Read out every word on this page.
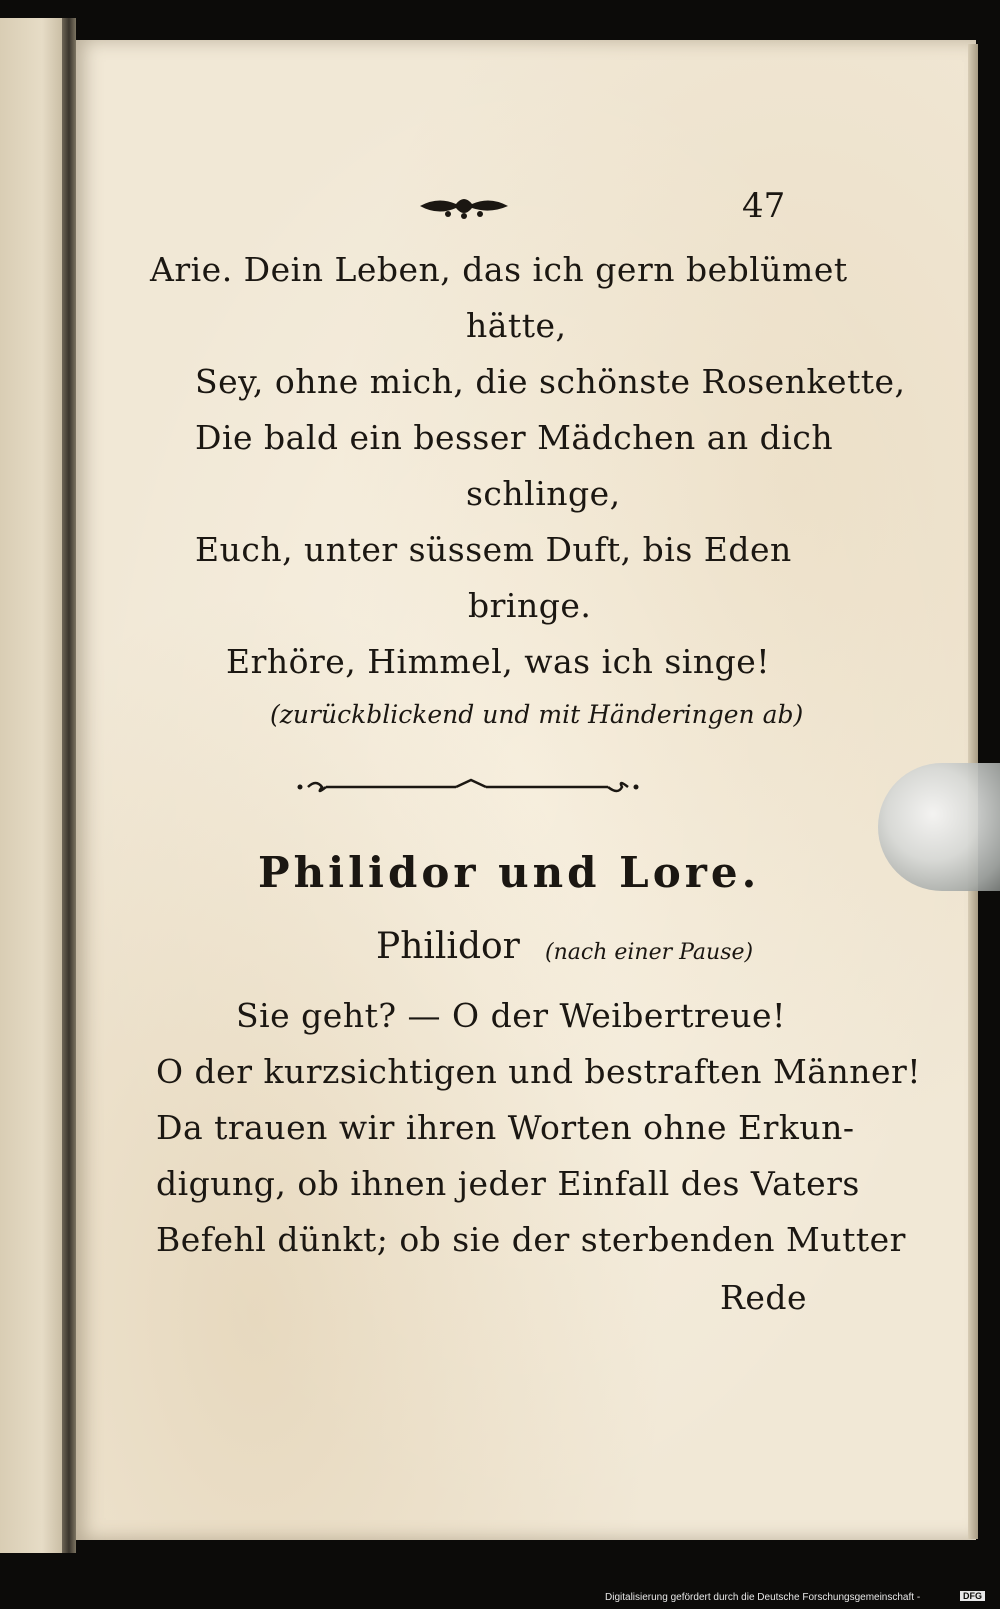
47
Arie. Dein Leben, das ich gern beblümet
hätte,
Sey, ohne mich, die schönste Rosenkette,
Die bald ein besser Mädchen an dich
schlinge,
Euch, unter süssem Duft, bis Eden
bringe.
Erhöre, Himmel, was ich singe!
(zurückblickend und mit Händeringen ab)
Philidor und Lore.
Philidor (nach einer Pause)
Sie geht? — O der Weibertreue!
O der kurzsichtigen und bestraften Männer!
Da trauen wir ihren Worten ohne Erkun-
digung, ob ihnen jeder Einfall des Vaters
Befehl dünkt; ob sie der sterbenden Mutter
Rede
Digitalisierung gefördert durch die Deutsche Forschungsgemeinschaft -	DFG
